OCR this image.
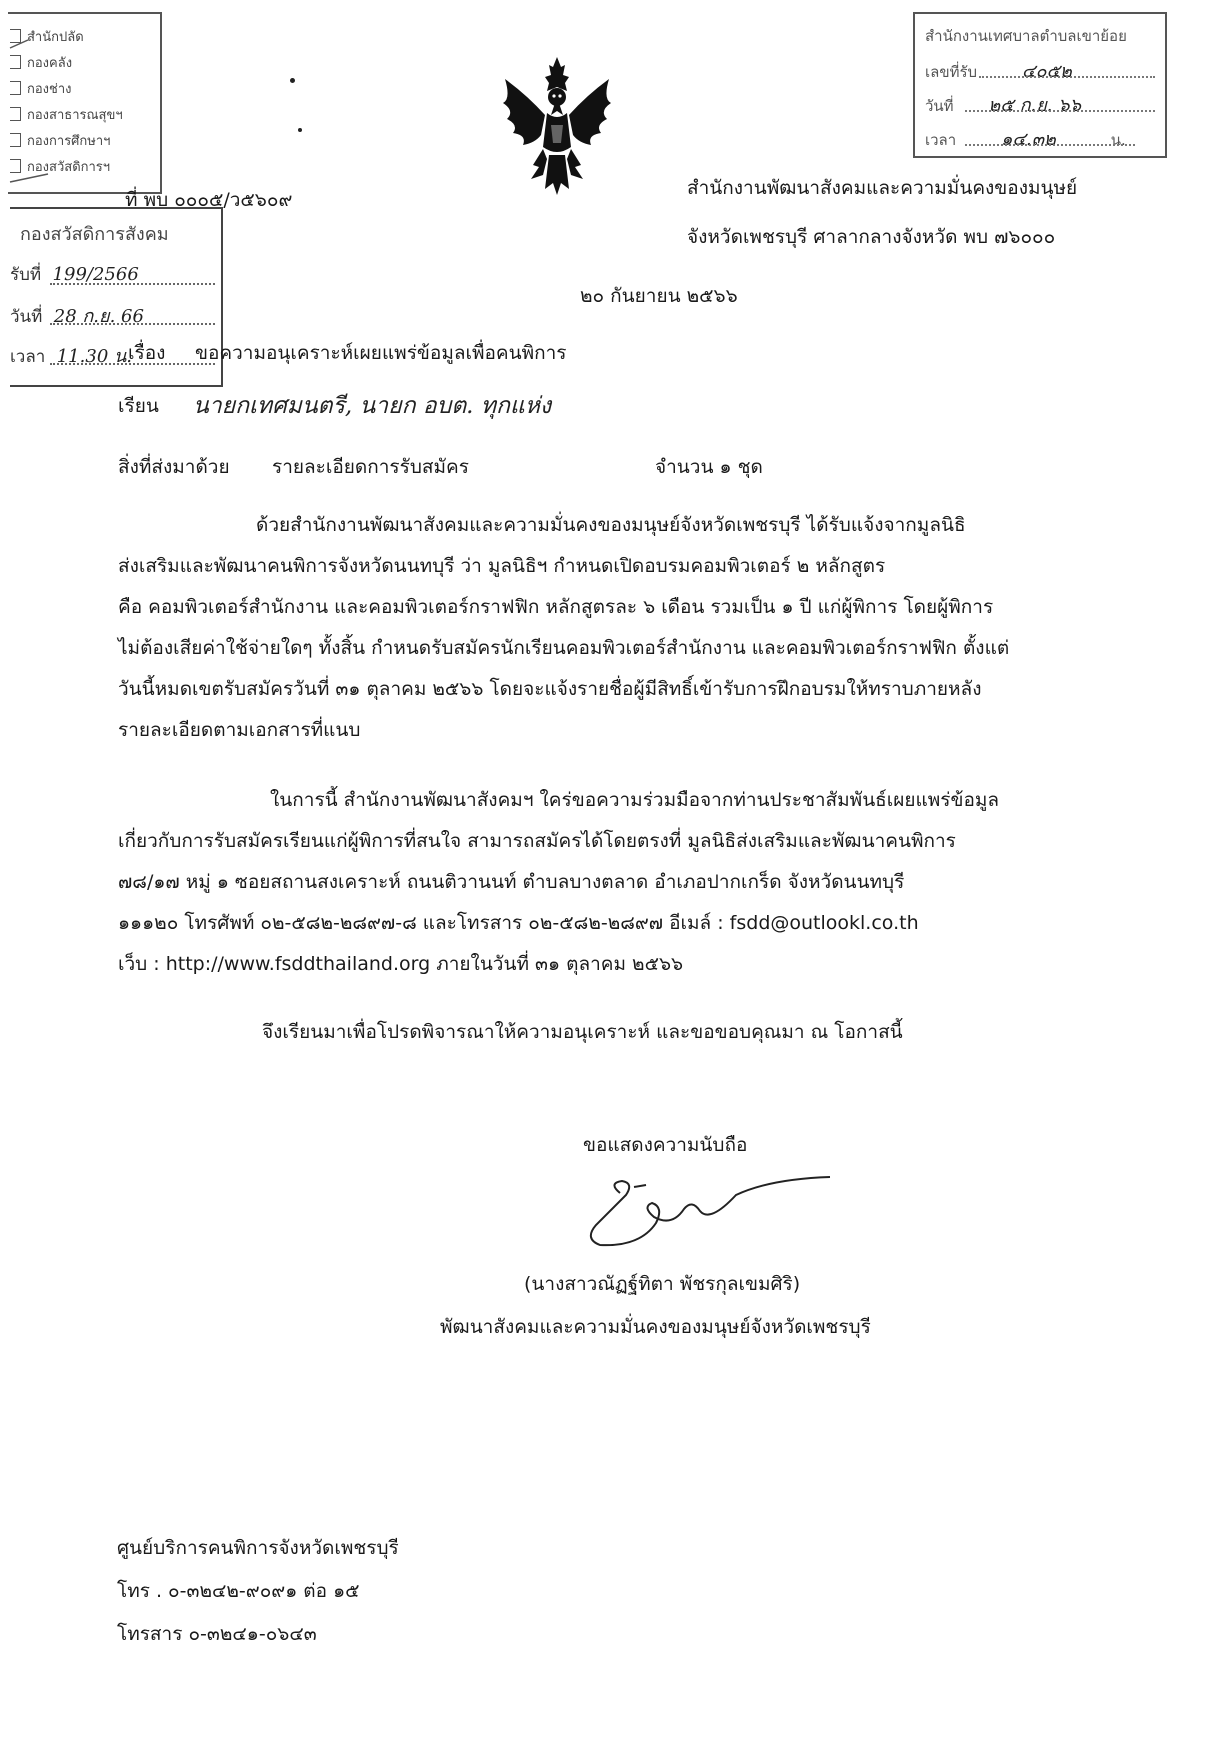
สำนักปลัด
กองคลัง
กองช่าง
กองสาธารณสุขฯ
กองการศึกษาฯ
กองสวัสดิการฯ
กองสวัสดิการสังคม
รับที่ 199/2566
วันที่ 28 ก.ย. 66
เวลา 11.30 น.
สำนักงานเทศบาลตำบลเขาย้อย
เลขที่รับ ๔๐๕๒
วันที่ ๒๕ ก.ย. ๖๖
เวลา ๑๔.๓๒	น.
ที่ พบ ๐๐๐๕/ว๕๖๐๙
สำนักงานพัฒนาสังคมและความมั่นคงของมนุษย์
จังหวัดเพชรบุรี ศาลากลางจังหวัด พบ ๗๖๐๐๐
๒๐ กันยายน ๒๕๖๖
เรื่อง ขอความอนุเคราะห์เผยแพร่ข้อมูลเพื่อคนพิการ
เรียน นายกเทศมนตรี, นายก อบต. ทุกแห่ง
สิ่งที่ส่งมาด้วย รายละเอียดการรับสมัคร	จำนวน ๑ ชุด
ด้วยสำนักงานพัฒนาสังคมและความมั่นคงของมนุษย์จังหวัดเพชรบุรี ได้รับแจ้งจากมูลนิธิ
ส่งเสริมและพัฒนาคนพิการจังหวัดนนทบุรี ว่า มูลนิธิฯ กำหนดเปิดอบรมคอมพิวเตอร์ ๒ หลักสูตร
คือ คอมพิวเตอร์สำนักงาน และคอมพิวเตอร์กราฟฟิก หลักสูตรละ ๖ เดือน รวมเป็น ๑ ปี แก่ผู้พิการ โดยผู้พิการ
ไม่ต้องเสียค่าใช้จ่ายใดๆ ทั้งสิ้น กำหนดรับสมัครนักเรียนคอมพิวเตอร์สำนักงาน และคอมพิวเตอร์กราฟฟิก ตั้งแต่
วันนี้หมดเขตรับสมัครวันที่ ๓๑ ตุลาคม ๒๕๖๖ โดยจะแจ้งรายชื่อผู้มีสิทธิ์เข้ารับการฝึกอบรมให้ทราบภายหลัง
รายละเอียดตามเอกสารที่แนบ
ในการนี้ สำนักงานพัฒนาสังคมฯ ใคร่ขอความร่วมมือจากท่านประชาสัมพันธ์เผยแพร่ข้อมูล
เกี่ยวกับการรับสมัครเรียนแก่ผู้พิการที่สนใจ สามารถสมัครได้โดยตรงที่ มูลนิธิส่งเสริมและพัฒนาคนพิการ
๗๘/๑๗ หมู่ ๑ ซอยสถานสงเคราะห์ ถนนติวานนท์ ตำบลบางตลาด อำเภอปากเกร็ด จังหวัดนนทบุรี
๑๑๑๒๐ โทรศัพท์ ๐๒-๕๘๒-๒๘๙๗-๘ และโทรสาร ๐๒-๕๘๒-๒๘๙๗ อีเมล์ : fsdd@outlookl.co.th
เว็บ : http://www.fsddthailand.org ภายในวันที่ ๓๑ ตุลาคม ๒๕๖๖
จึงเรียนมาเพื่อโปรดพิจารณาให้ความอนุเคราะห์ และขอขอบคุณมา ณ โอกาสนี้
ขอแสดงความนับถือ
(นางสาวณัฏฐ์ทิตา พัชรกุลเขมศิริ)
พัฒนาสังคมและความมั่นคงของมนุษย์จังหวัดเพชรบุรี
ศูนย์บริการคนพิการจังหวัดเพชรบุรี
โทร . ๐-๓๒๔๒-๙๐๙๑ ต่อ ๑๕
โทรสาร ๐-๓๒๔๑-๐๖๔๓
